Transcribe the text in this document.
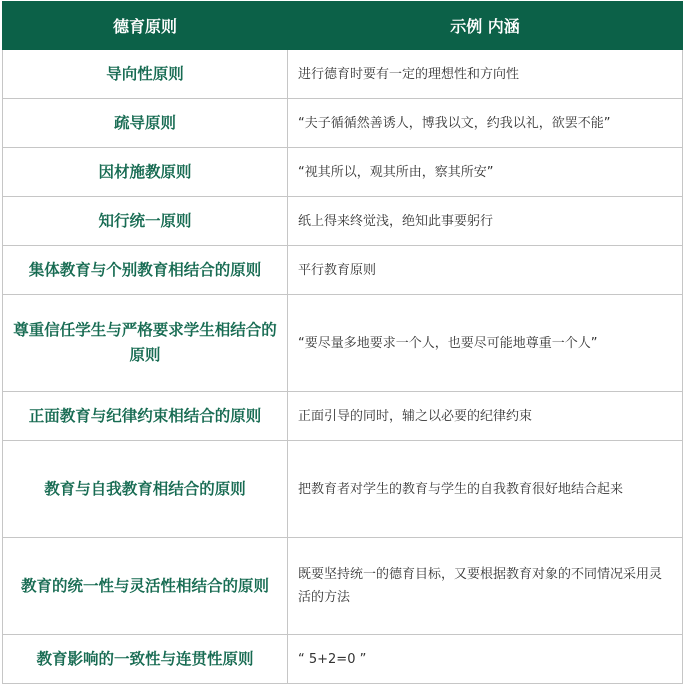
德育原则	示例 内涵
导向性原则	进行德育时要有一定的理想性和方向性
疏导原则	“夫子循循然善诱人，博我以文，约我以礼，欲罢不能”
因材施教原则	“视其所以，观其所由，察其所安”
知行统一原则	纸上得来终觉浅，绝知此事要躬行
集体教育与个别教育相结合的原则	平行教育原则
尊重信任学生与严格要求学生相结合的原则	“要尽量多地要求一个人，也要尽可能地尊重一个人”
正面教育与纪律约束相结合的原则	正面引导的同时，辅之以必要的纪律约束
教育与自我教育相结合的原则	把教育者对学生的教育与学生的自我教育很好地结合起来
教育的统一性与灵活性相结合的原则	既要坚持统一的德育目标，又要根据教育对象的不同情况采用灵活的方法
教育影响的一致性与连贯性原则	“ 5+2=0 ”
